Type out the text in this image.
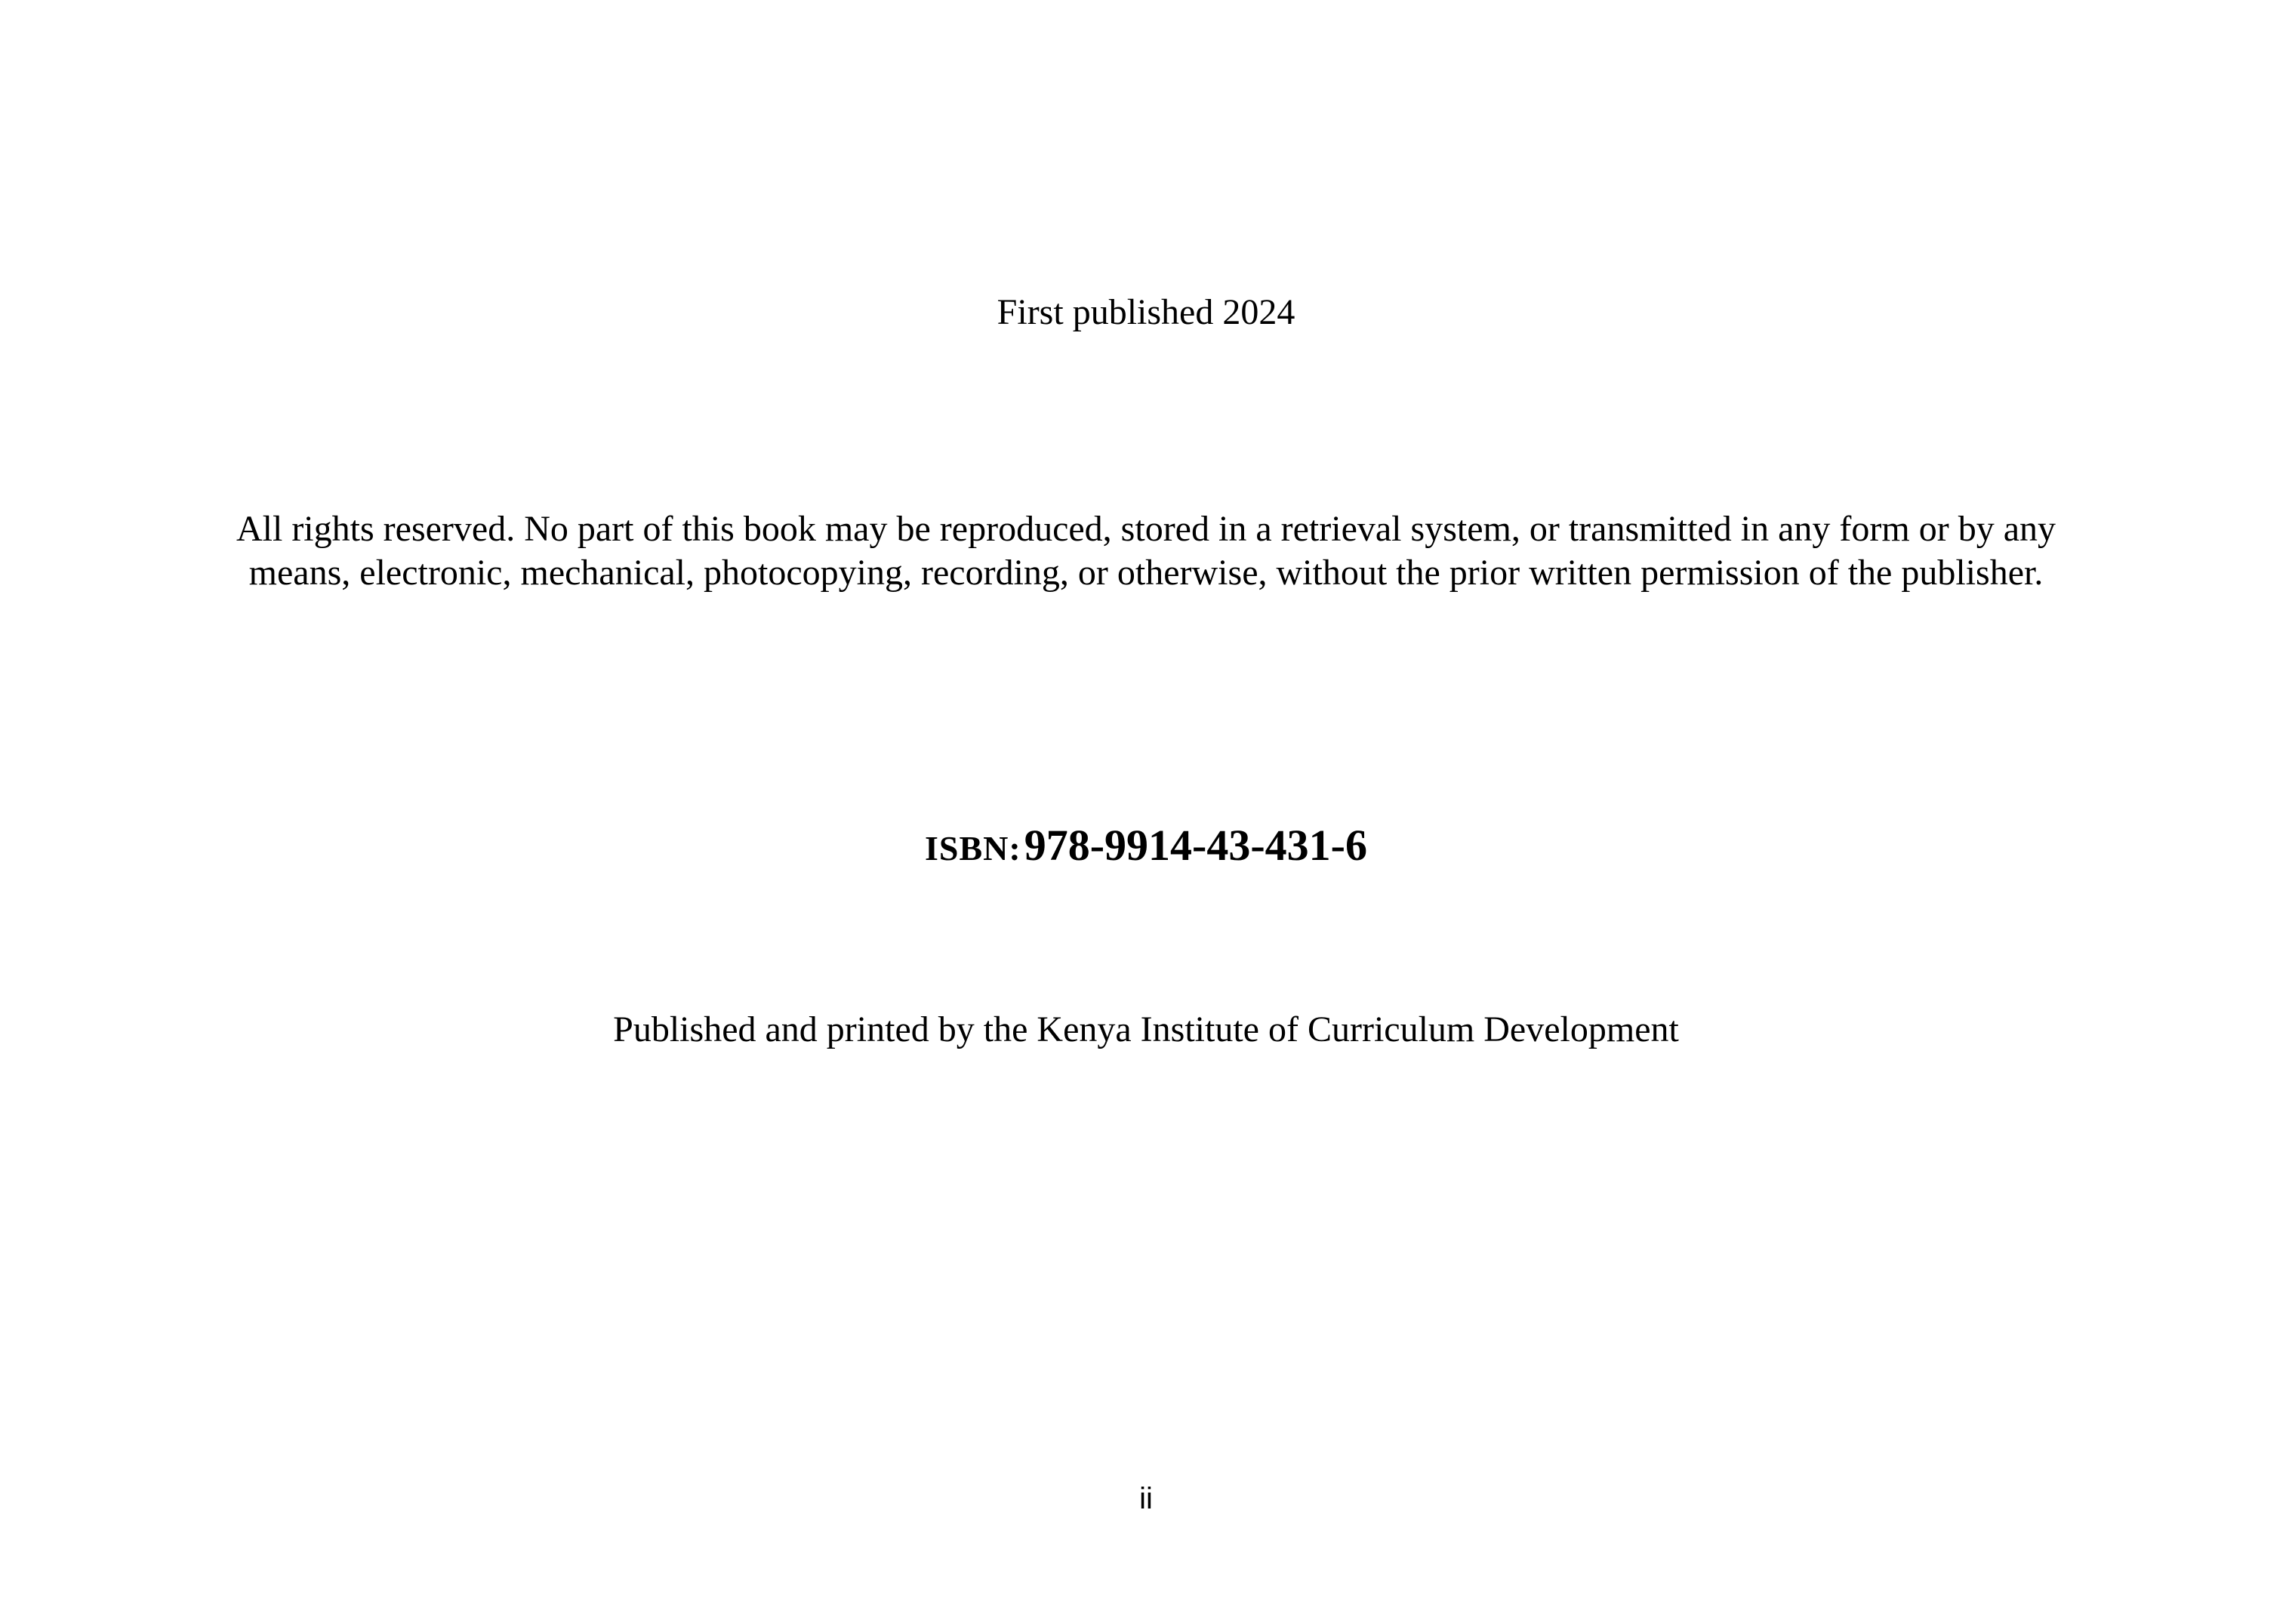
First published 2024
All rights reserved. No part of this book may be reproduced, stored in a retrieval system, or transmitted in any form or by any
means, electronic, mechanical, photocopying, recording, or otherwise, without the prior written permission of the publisher.
ISBN: 978-9914-43-431-6
Published and printed by the Kenya Institute of Curriculum Development
ii
